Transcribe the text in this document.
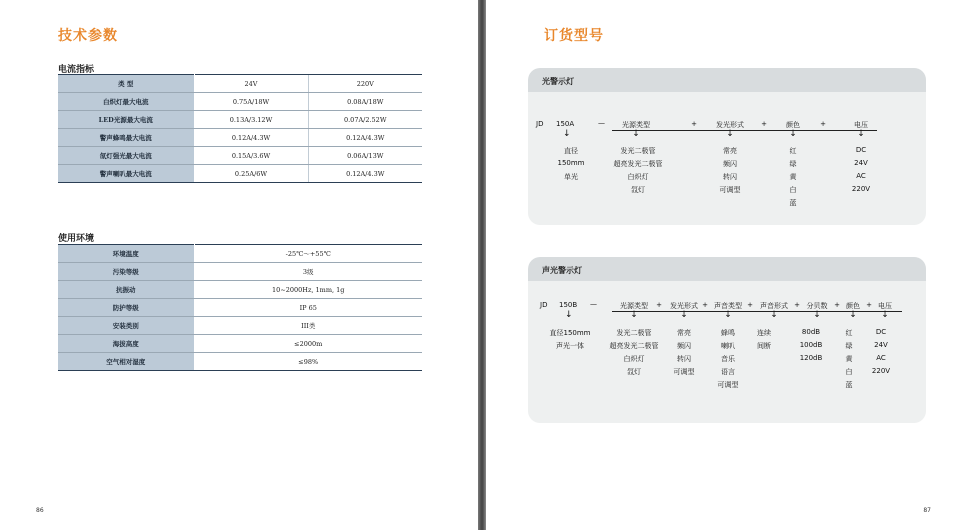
技术参数
电流指标
类 型	24V	220V
白炽灯最大电流	0.75A/18W	0.08A/18W
LED光源最大电流	0.13A/3.12W	0.07A/2.52W
警声蜂鸣最大电流	0.12A/4.3W	0.12A/4.3W
氙灯强光最大电流	0.15A/3.6W	0.06A/13W
警声喇叭最大电流	0.25A/6W	0.12A/4.3W
使用环境
环境温度	-25℃～+55℃
污染等级	3级
抗振动	10~2000Hz, 1mm, 1g
防护等级	IP 65
安装类别	III类
海拔高度	≤2000m
空气相对湿度	≤98%
86
订货型号
光警示灯
JD 150A	—
↓
光源类型	+	发光形式 +	颜色	+	电压
↓	↓	↓	↓
直径
150mm
单光
发光二极管
超亮发光二极管
白炽灯
氙灯
常亮
频闪
转闪
可调型
红
绿
黄
白
蓝
DC
24V
AC
220V
声光警示灯
JD 150B —
↓
光源类型 + 发光形式 + 声音类型 + 声音形式 + 分贝数 + 颜色 + 电压
↓	↓	↓	↓	↓	↓	↓
直径150mm
声光一体
发光二极管
超亮发光二极管
白炽灯
氙灯
常亮
频闪
转闪
可调型
蜂鸣
喇叭
音乐
语言
可调型
连续
间断
80dB
100dB
120dB
红
绿
黄
白
蓝
DC
24V
AC
220V
87
